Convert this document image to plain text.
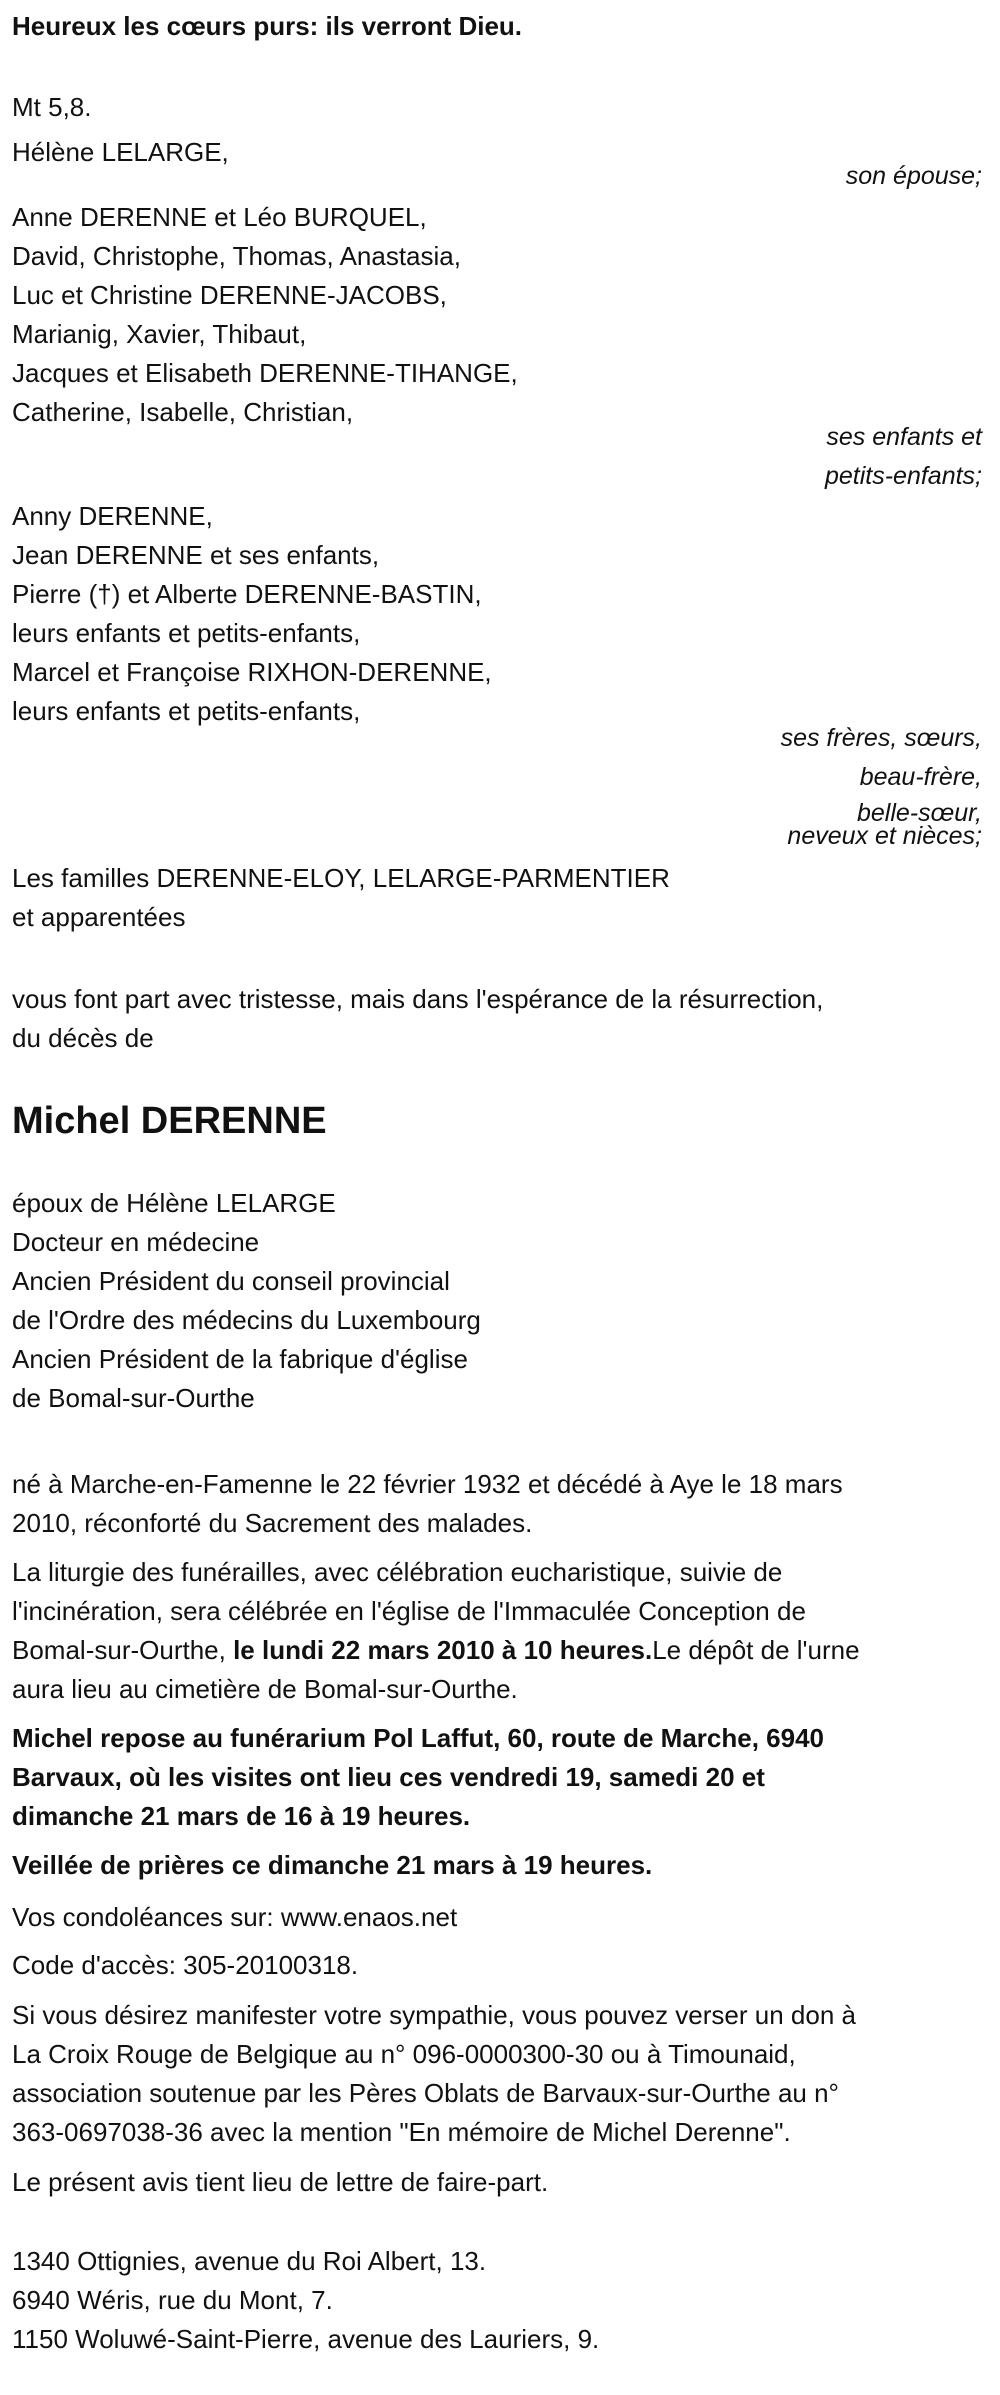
Heureux les cœurs purs: ils verront Dieu.
Mt 5,8.
Hélène LELARGE,
son épouse;
Anne DERENNE et Léo BURQUEL,
David, Christophe, Thomas, Anastasia,
Luc et Christine DERENNE-JACOBS,
Marianig, Xavier, Thibaut,
Jacques et Elisabeth DERENNE-TIHANGE,
Catherine, Isabelle, Christian,
ses enfants et
petits-enfants;
Anny DERENNE,
Jean DERENNE et ses enfants,
Pierre (†) et Alberte DERENNE-BASTIN,
leurs enfants et petits-enfants,
Marcel et Françoise RIXHON-DERENNE,
leurs enfants et petits-enfants,
ses frères, sœurs,
beau-frère,
belle-sœur,
neveux et nièces;
Les familles DERENNE-ELOY, LELARGE-PARMENTIER
et apparentées
vous font part avec tristesse, mais dans l'espérance de la résurrection,
du décès de
Michel DERENNE
époux de Hélène LELARGE
Docteur en médecine
Ancien Président du conseil provincial
de l'Ordre des médecins du Luxembourg
Ancien Président de la fabrique d'église
de Bomal-sur-Ourthe
né à Marche-en-Famenne le 22 février 1932 et décédé à Aye le 18 mars
2010, réconforté du Sacrement des malades.
La liturgie des funérailles, avec célébration eucharistique, suivie de
l'incinération, sera célébrée en l'église de l'Immaculée Conception de
Bomal-sur-Ourthe, le lundi 22 mars 2010 à 10 heures.Le dépôt de l'urne
aura lieu au cimetière de Bomal-sur-Ourthe.
Michel repose au funérarium Pol Laffut, 60, route de Marche, 6940
Barvaux, où les visites ont lieu ces vendredi 19, samedi 20 et
dimanche 21 mars de 16 à 19 heures.
Veillée de prières ce dimanche 21 mars à 19 heures.
Vos condoléances sur: www.enaos.net
Code d'accès: 305-20100318.
Si vous désirez manifester votre sympathie, vous pouvez verser un don à
La Croix Rouge de Belgique au n° 096-0000300-30 ou à Timounaid,
association soutenue par les Pères Oblats de Barvaux-sur-Ourthe au n°
363-0697038-36 avec la mention "En mémoire de Michel Derenne".
Le présent avis tient lieu de lettre de faire-part.
1340 Ottignies, avenue du Roi Albert, 13.
6940 Wéris, rue du Mont, 7.
1150 Woluwé-Saint-Pierre, avenue des Lauriers, 9.
